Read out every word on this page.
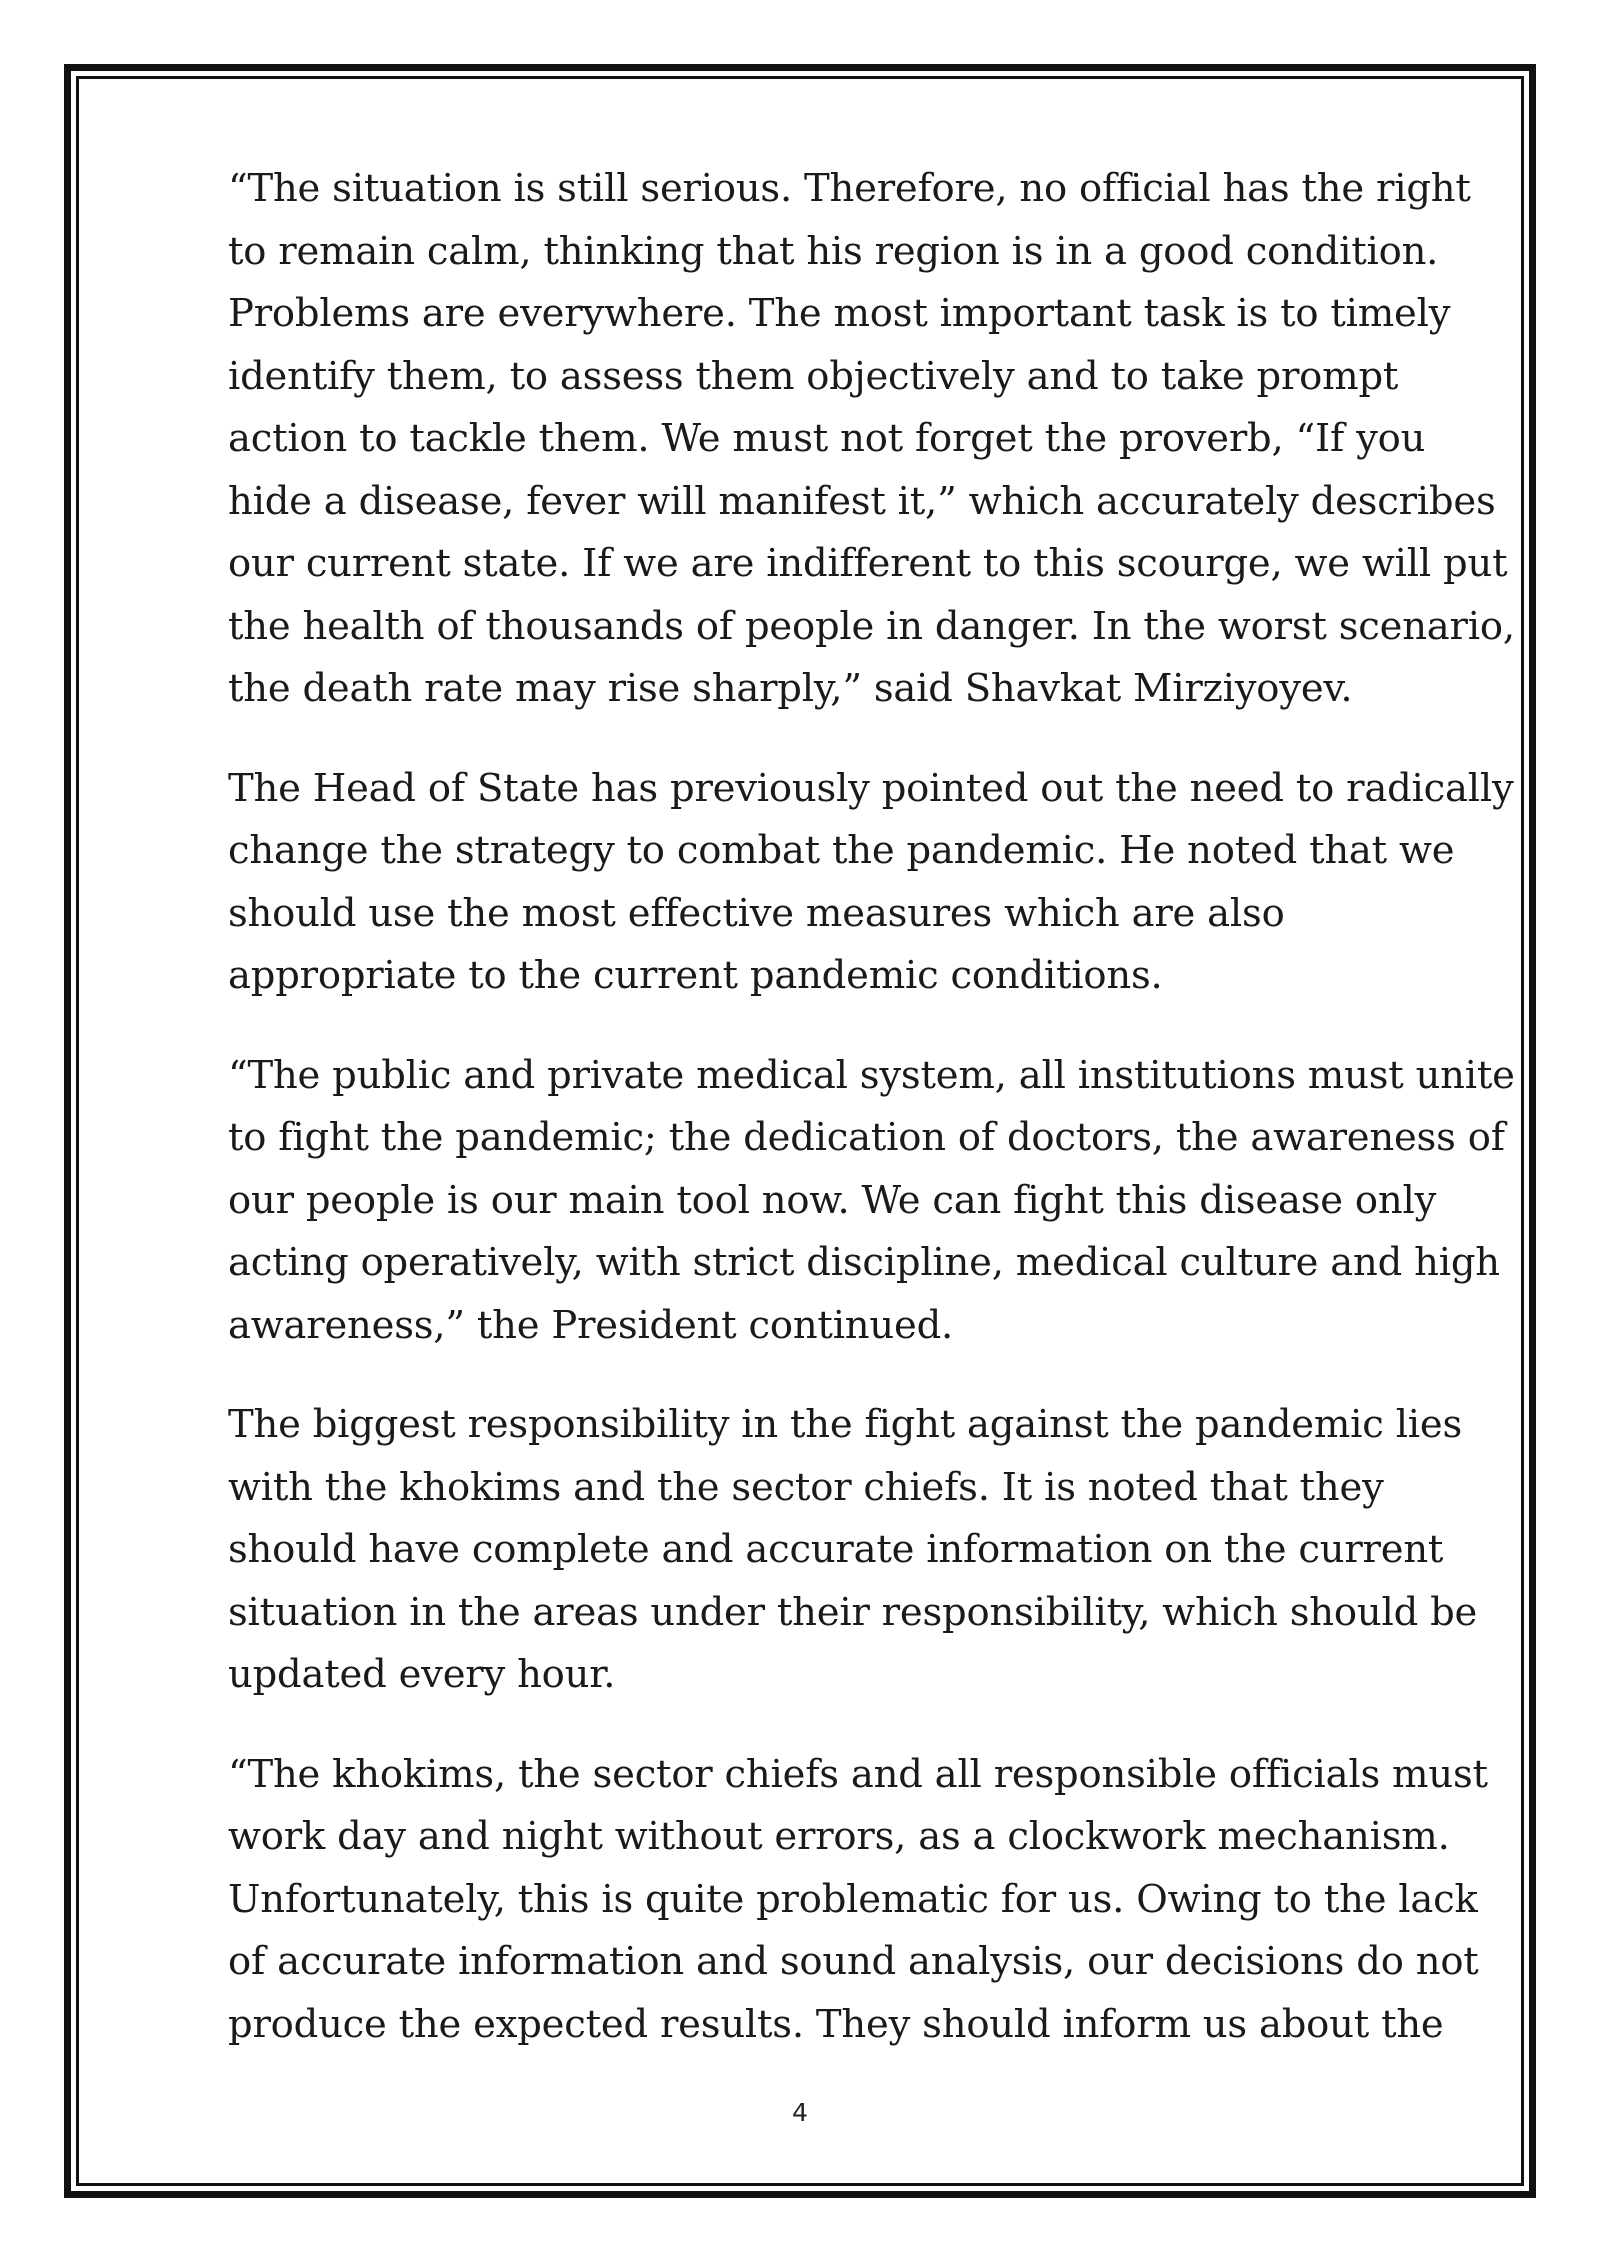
“The situation is still serious. Therefore, no official has the right to remain calm, thinking that his region is in a good condition. Problems are everywhere. The most important task is to timely identify them, to assess them objectively and to take prompt action to tackle them. We must not forget the proverb, “If you hide a disease, fever will manifest it,” which accurately describes our current state. If we are indifferent to this scourge, we will put the health of thousands of people in danger. In the worst scenario, the death rate may rise sharply,” said Shavkat Mirziyoyev.

The Head of State has previously pointed out the need to radically change the strategy to combat the pandemic. He noted that we should use the most effective measures which are also appropriate to the current pandemic conditions.

“The public and private medical system, all institutions must unite to fight the pandemic; the dedication of doctors, the awareness of our people is our main tool now. We can fight this disease only acting operatively, with strict discipline, medical culture and high awareness,” the President continued.

The biggest responsibility in the fight against the pandemic lies with the khokims and the sector chiefs. It is noted that they should have complete and accurate information on the current situation in the areas under their responsibility, which should be updated every hour.

“The khokims, the sector chiefs and all responsible officials must work day and night without errors, as a clockwork mechanism. Unfortunately, this is quite problematic for us. Owing to the lack of accurate information and sound analysis, our decisions do not produce the expected results. They should inform us about the

4
